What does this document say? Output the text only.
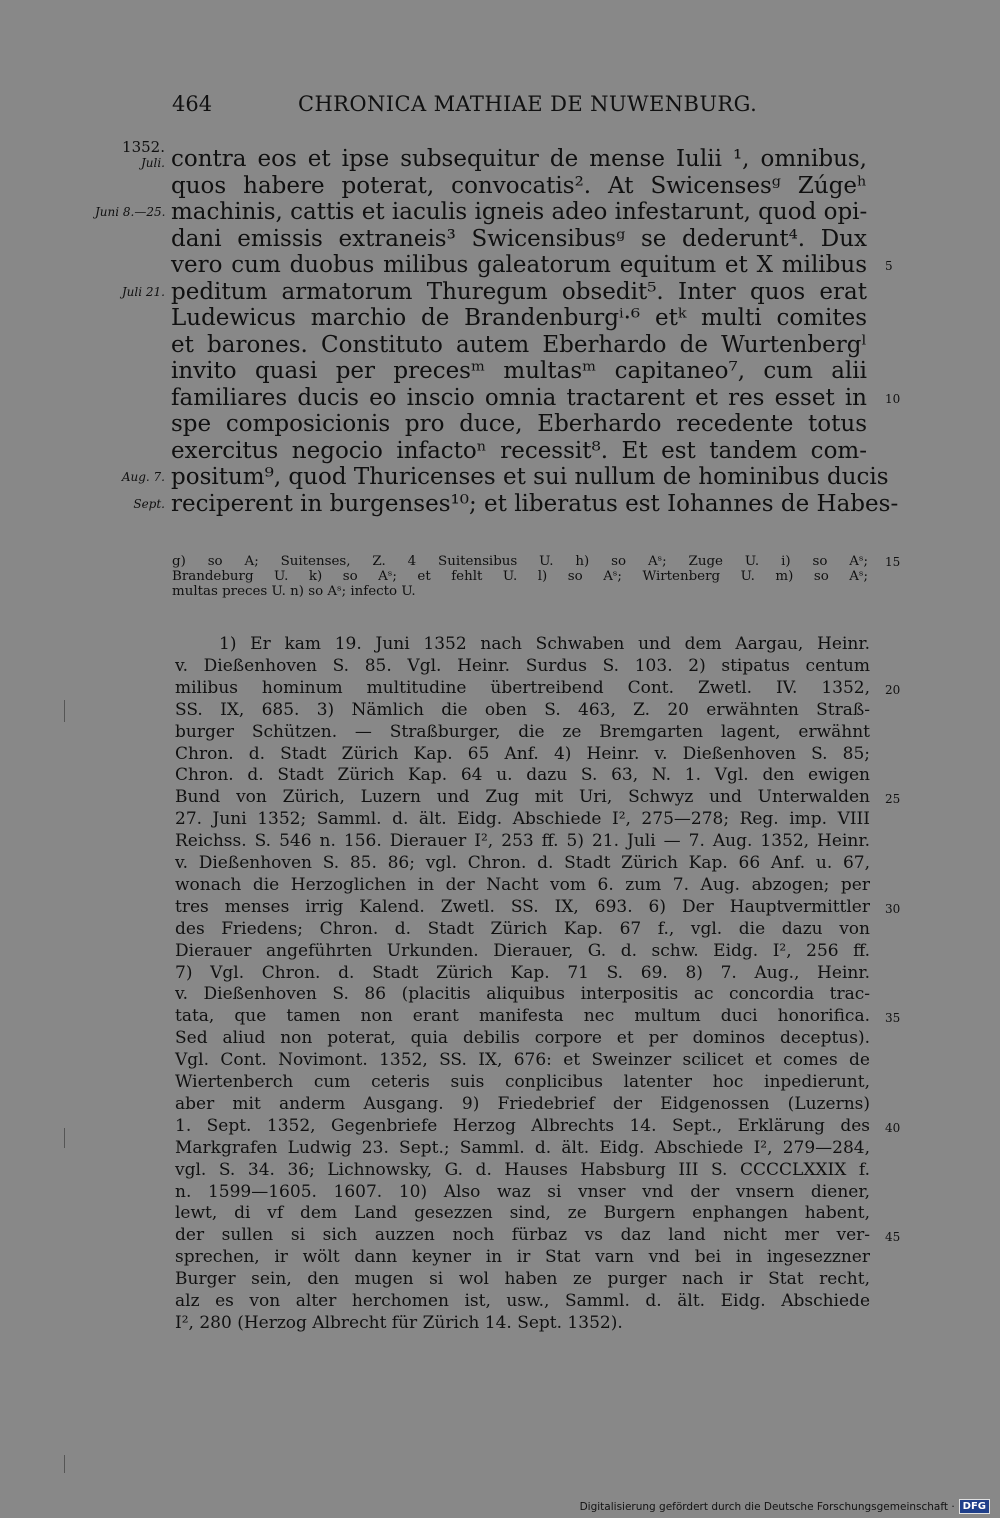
464	CHRONICA MATHIAE DE NUWENBURG.
1352.
Juli.
Juni 8.—25.
Juli 21.
Aug. 7.
Sept.
contra eos et ipse subsequitur de mense Iulii ¹, omnibus,
quos habere poterat, convocatis². At Swicensesᵍ Zúgeʰ
machinis, cattis et iaculis igneis adeo infestarunt, quod opi-
dani emissis extraneis³ Swicensibusᵍ se dederunt⁴. Dux
vero cum duobus milibus galeatorum equitum et X milibus
peditum armatorum Thuregum obsedit⁵. Inter quos erat
Ludewicus marchio de Brandenburgⁱ·⁶ etᵏ multi comites
et barones. Constituto autem Eberhardo de Wurtenbergˡ
invito quasi per precesᵐ multasᵐ capitaneo⁷, cum alii
familiares ducis eo inscio omnia tractarent et res esset in
spe composicionis pro duce, Eberhardo recedente totus
exercitus negocio infactoⁿ recessit⁸. Et est tandem com-
positum⁹, quod Thuricenses et sui nullum de hominibus ducis
reciperent in burgenses¹⁰; et liberatus est Iohannes de Habes-
5
10
15
20
25
30
35
40
45
g) so A; Suitenses, Z. 4 Suitensibus U. h) so Aˢ; Zuge U. i) so Aˢ;
Brandeburg U. k) so Aˢ; et fehlt U. l) so Aˢ; Wirtenberg U. m) so Aˢ;
multas preces U. n) so Aˢ; infecto U.
1) Er kam 19. Juni 1352 nach Schwaben und dem Aargau, Heinr.
v. Dießenhoven S. 85. Vgl. Heinr. Surdus S. 103. 2) stipatus centum
milibus hominum multitudine übertreibend Cont. Zwetl. IV. 1352,
SS. IX, 685. 3) Nämlich die oben S. 463, Z. 20 erwähnten Straß-
burger Schützen. — Straßburger, die ze Bremgarten lagent, erwähnt
Chron. d. Stadt Zürich Kap. 65 Anf. 4) Heinr. v. Dießenhoven S. 85;
Chron. d. Stadt Zürich Kap. 64 u. dazu S. 63, N. 1. Vgl. den ewigen
Bund von Zürich, Luzern und Zug mit Uri, Schwyz und Unterwalden
27. Juni 1352; Samml. d. ält. Eidg. Abschiede I², 275—278; Reg. imp. VIII
Reichss. S. 546 n. 156. Dierauer I², 253 ff. 5) 21. Juli — 7. Aug. 1352, Heinr.
v. Dießenhoven S. 85. 86; vgl. Chron. d. Stadt Zürich Kap. 66 Anf. u. 67,
wonach die Herzoglichen in der Nacht vom 6. zum 7. Aug. abzogen; per
tres menses irrig Kalend. Zwetl. SS. IX, 693. 6) Der Hauptvermittler
des Friedens; Chron. d. Stadt Zürich Kap. 67 f., vgl. die dazu von
Dierauer angeführten Urkunden. Dierauer, G. d. schw. Eidg. I², 256 ff.
7) Vgl. Chron. d. Stadt Zürich Kap. 71 S. 69. 8) 7. Aug., Heinr.
v. Dießenhoven S. 86 (placitis aliquibus interpositis ac concordia trac-
tata, que tamen non erant manifesta nec multum duci honorifica.
Sed aliud non poterat, quia debilis corpore et per dominos deceptus).
Vgl. Cont. Novimont. 1352, SS. IX, 676: et Sweinzer scilicet et comes de
Wiertenberch cum ceteris suis conplicibus latenter hoc inpedierunt,
aber mit anderm Ausgang. 9) Friedebrief der Eidgenossen (Luzerns)
1. Sept. 1352, Gegenbriefe Herzog Albrechts 14. Sept., Erklärung des
Markgrafen Ludwig 23. Sept.; Samml. d. ält. Eidg. Abschiede I², 279—284,
vgl. S. 34. 36; Lichnowsky, G. d. Hauses Habsburg III S. CCCCLXXIX f.
n. 1599—1605. 1607. 10) Also waz si vnser vnd der vnsern diener,
lewt, di vf dem Land gesezzen sind, ze Burgern enphangen habent,
der sullen si sich auzzen noch fürbaz vs daz land nicht mer ver-
sprechen, ir wölt dann keyner in ir Stat varn vnd bei in ingesezzner
Burger sein, den mugen si wol haben ze purger nach ir Stat recht,
alz es von alter herchomen ist, usw., Samml. d. ält. Eidg. Abschiede
I², 280 (Herzog Albrecht für Zürich 14. Sept. 1352).
Digitalisierung gefördert durch die Deutsche Forschungsgemeinschaft · DFG
